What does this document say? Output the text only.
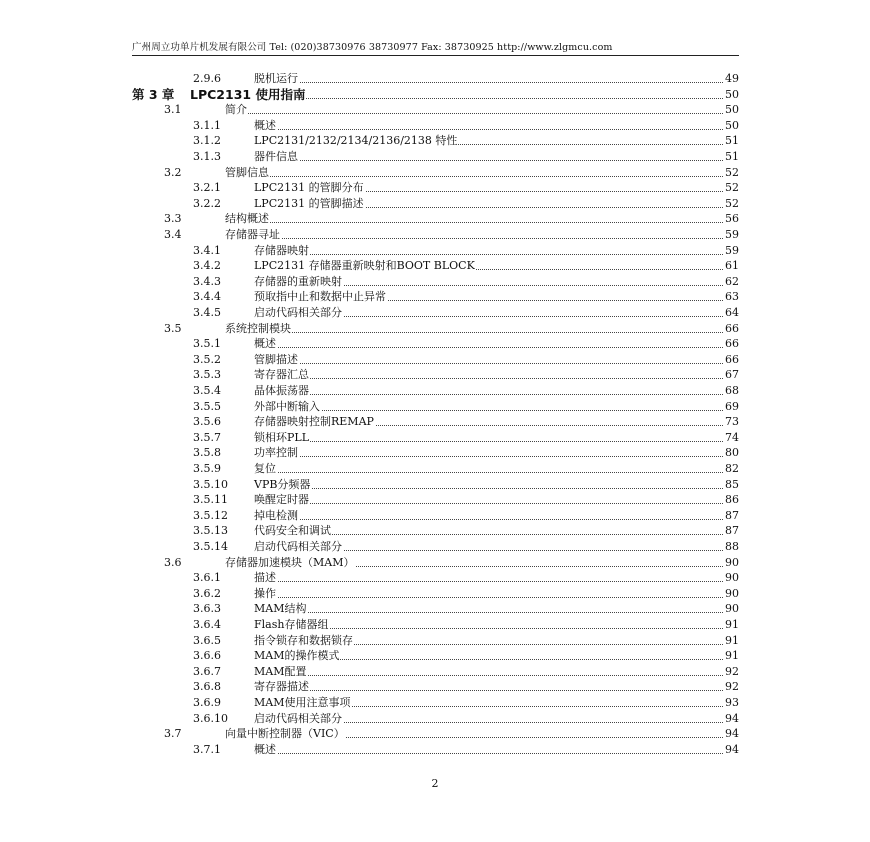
广州周立功单片机发展有限公司 Tel: (020)38730976 38730977 Fax: 38730925 http://www.zlgmcu.com
2.9.6	脱机运行	49
第 3 章 LPC2131 使用指南	50
3.1	简介	50
3.1.1	概述	50
3.1.2	LPC2131/2132/2134/2136/2138 特性	51
3.1.3	器件信息	51
3.2	管脚信息	52
3.2.1	LPC2131 的管脚分布	52
3.2.2	LPC2131 的管脚描述	52
3.3	结构概述	56
3.4	存储器寻址	59
3.4.1	存储器映射	59
3.4.2	LPC2131 存储器重新映射和BOOT BLOCK	61
3.4.3	存储器的重新映射	62
3.4.4	预取指中止和数据中止异常	63
3.4.5	启动代码相关部分	64
3.5	系统控制模块	66
3.5.1	概述	66
3.5.2	管脚描述	66
3.5.3	寄存器汇总	67
3.5.4	晶体振荡器	68
3.5.5	外部中断输入	69
3.5.6	存储器映射控制REMAP	73
3.5.7	锁相环PLL	74
3.5.8	功率控制	80
3.5.9	复位	82
3.5.10 VPB分频器	85
3.5.11 唤醒定时器	86
3.5.12 掉电检测	87
3.5.13 代码安全和调试	87
3.5.14 启动代码相关部分	88
3.6	存储器加速模块（MAM）	90
3.6.1	描述	90
3.6.2	操作	90
3.6.3	MAM结构	90
3.6.4	Flash存储器组	91
3.6.5	指令锁存和数据锁存	91
3.6.6	MAM的操作模式	91
3.6.7	MAM配置	92
3.6.8	寄存器描述	92
3.6.9	MAM使用注意事项	93
3.6.10 启动代码相关部分	94
3.7	向量中断控制器（VIC）	94
3.7.1	概述	94
2
